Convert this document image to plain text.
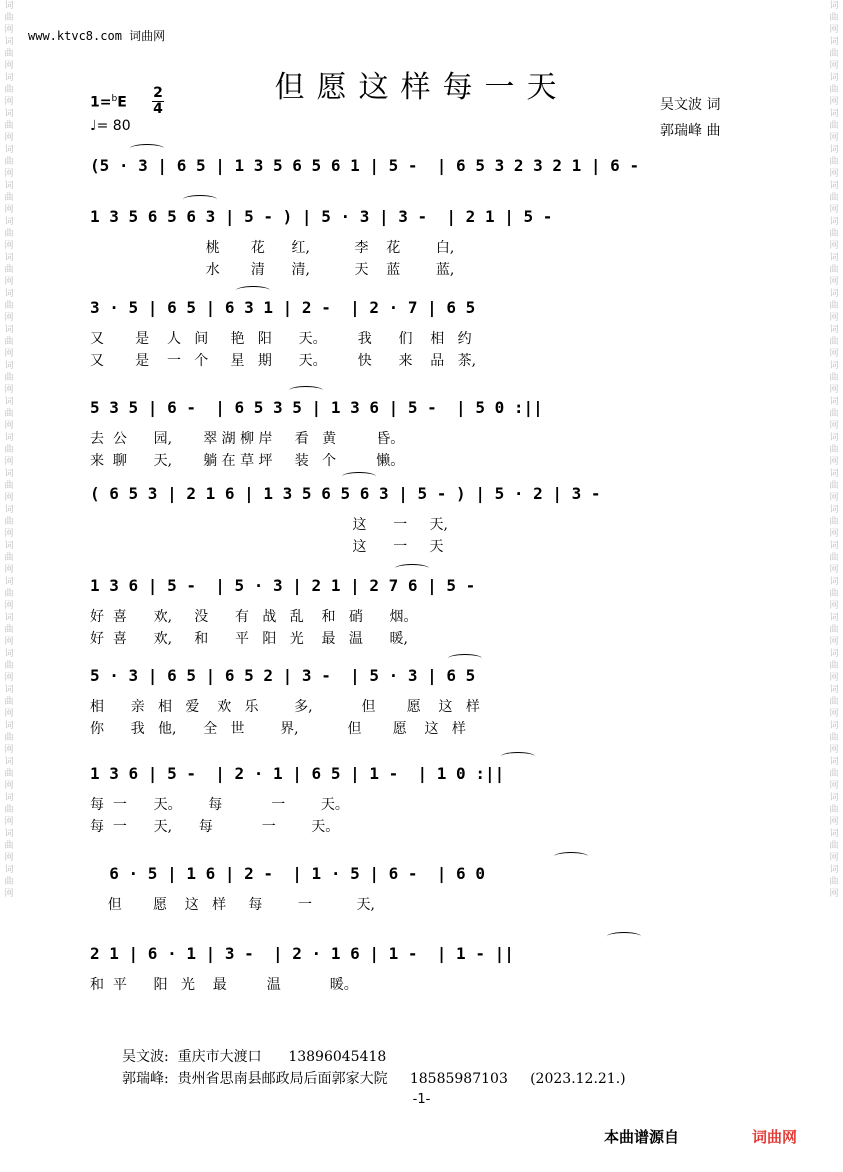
词曲网词曲网词曲网词曲网词曲网词曲网词曲网词曲网词曲网词曲网词曲网词曲网词曲网词曲网词曲网词曲网词曲网词曲网词曲网词曲网词曲网词曲网词曲网词曲网词曲网
词曲网词曲网词曲网词曲网词曲网词曲网词曲网词曲网词曲网词曲网词曲网词曲网词曲网词曲网词曲网词曲网词曲网词曲网词曲网词曲网词曲网词曲网词曲网词曲网词曲网
www.ktvc8.com 词曲网
但愿这样每一天	吴文波 词
郭瑞峰 曲
1=$^b$E
2
4
♩= 80
(5 · 3 | 6 5 | 1 3 5 6 5 6 1 | 5 -  | 6 5 3 2 3 2 1 | 6 -
1 3 5 6 5 6 3 | 5 - ) | 5 · 3 | 3 -  | 2 1 | 5 -
桃       花      红,          李    花        白,
水       清      清,          天    蓝        蓝,
3 · 5 | 6 5 | 6 3 1 | 2 -  | 2 · 7 | 6 5
又       是    人   间     艳   阳      天。       我      们    相   约
又       是    一   个     星   期      天。       快      来    品   茶,
5 3 5 | 6 -  | 6 5 3 5 | 1 3 6 | 5 -  | 5 0 :||
去  公      园,       翠 湖 柳 岸     看   黄         昏。
来  聊      天,       躺 在 草 坪     装   个         懒。
( 6 5 3 | 2 1 6 | 1 3 5 6 5 6 3 | 5 - ) | 5 · 2 | 3 -
这      一     天,
这      一     天
1 3 6 | 5 -  | 5 · 3 | 2 1 | 2 7 6 | 5 -
好  喜      欢,     没      有   战   乱    和   硝      烟。
好  喜      欢,     和      平   阳   光    最   温      暖,
5 · 3 | 6 5 | 6 5 2 | 3 -  | 5 · 3 | 6 5
相      亲   相   爱    欢   乐        多,           但       愿    这   样
你      我   他,      全   世        界,           但       愿    这   样
1 3 6 | 5 -  | 2 · 1 | 6 5 | 1 -  | 1 0 :||
每  一      天。      每           一        天。
每  一      天,      每           一        天。
6 · 5 | 1 6 | 2 -  | 1 · 5 | 6 -  | 6 0
但       愿    这   样     每        一          天,
2 1 | 6 · 1 | 3 -  | 2 · 1 6 | 1 -  | 1 - ||
和  平      阳   光    最         温           暖。
吴文波:  重庆市大渡口      13896045418
郭瑞峰:  贵州省思南县邮政局后面郭家大院     18585987103     (2023.12.21.)
-1-
本曲谱源自	词曲网
